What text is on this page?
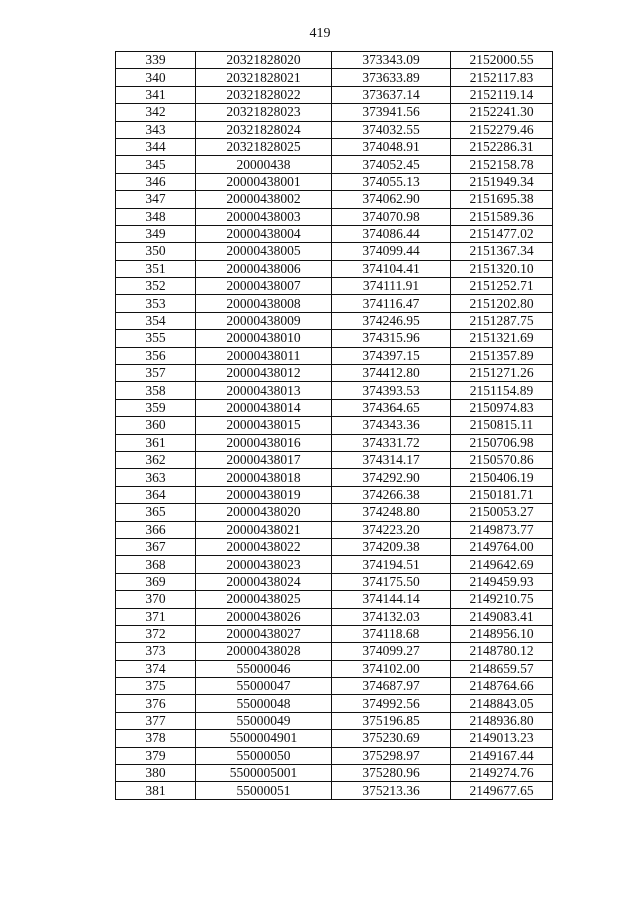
419
339	20321828020	373343.09	2152000.55
340	20321828021	373633.89	2152117.83
341	20321828022	373637.14	2152119.14
342	20321828023	373941.56	2152241.30
343	20321828024	374032.55	2152279.46
344	20321828025	374048.91	2152286.31
345	20000438	374052.45	2152158.78
346	20000438001	374055.13	2151949.34
347	20000438002	374062.90	2151695.38
348	20000438003	374070.98	2151589.36
349	20000438004	374086.44	2151477.02
350	20000438005	374099.44	2151367.34
351	20000438006	374104.41	2151320.10
352	20000438007	374111.91	2151252.71
353	20000438008	374116.47	2151202.80
354	20000438009	374246.95	2151287.75
355	20000438010	374315.96	2151321.69
356	20000438011	374397.15	2151357.89
357	20000438012	374412.80	2151271.26
358	20000438013	374393.53	2151154.89
359	20000438014	374364.65	2150974.83
360	20000438015	374343.36	2150815.11
361	20000438016	374331.72	2150706.98
362	20000438017	374314.17	2150570.86
363	20000438018	374292.90	2150406.19
364	20000438019	374266.38	2150181.71
365	20000438020	374248.80	2150053.27
366	20000438021	374223.20	2149873.77
367	20000438022	374209.38	2149764.00
368	20000438023	374194.51	2149642.69
369	20000438024	374175.50	2149459.93
370	20000438025	374144.14	2149210.75
371	20000438026	374132.03	2149083.41
372	20000438027	374118.68	2148956.10
373	20000438028	374099.27	2148780.12
374	55000046	374102.00	2148659.57
375	55000047	374687.97	2148764.66
376	55000048	374992.56	2148843.05
377	55000049	375196.85	2148936.80
378	5500004901	375230.69	2149013.23
379	55000050	375298.97	2149167.44
380	5500005001	375280.96	2149274.76
381	55000051	375213.36	2149677.65
